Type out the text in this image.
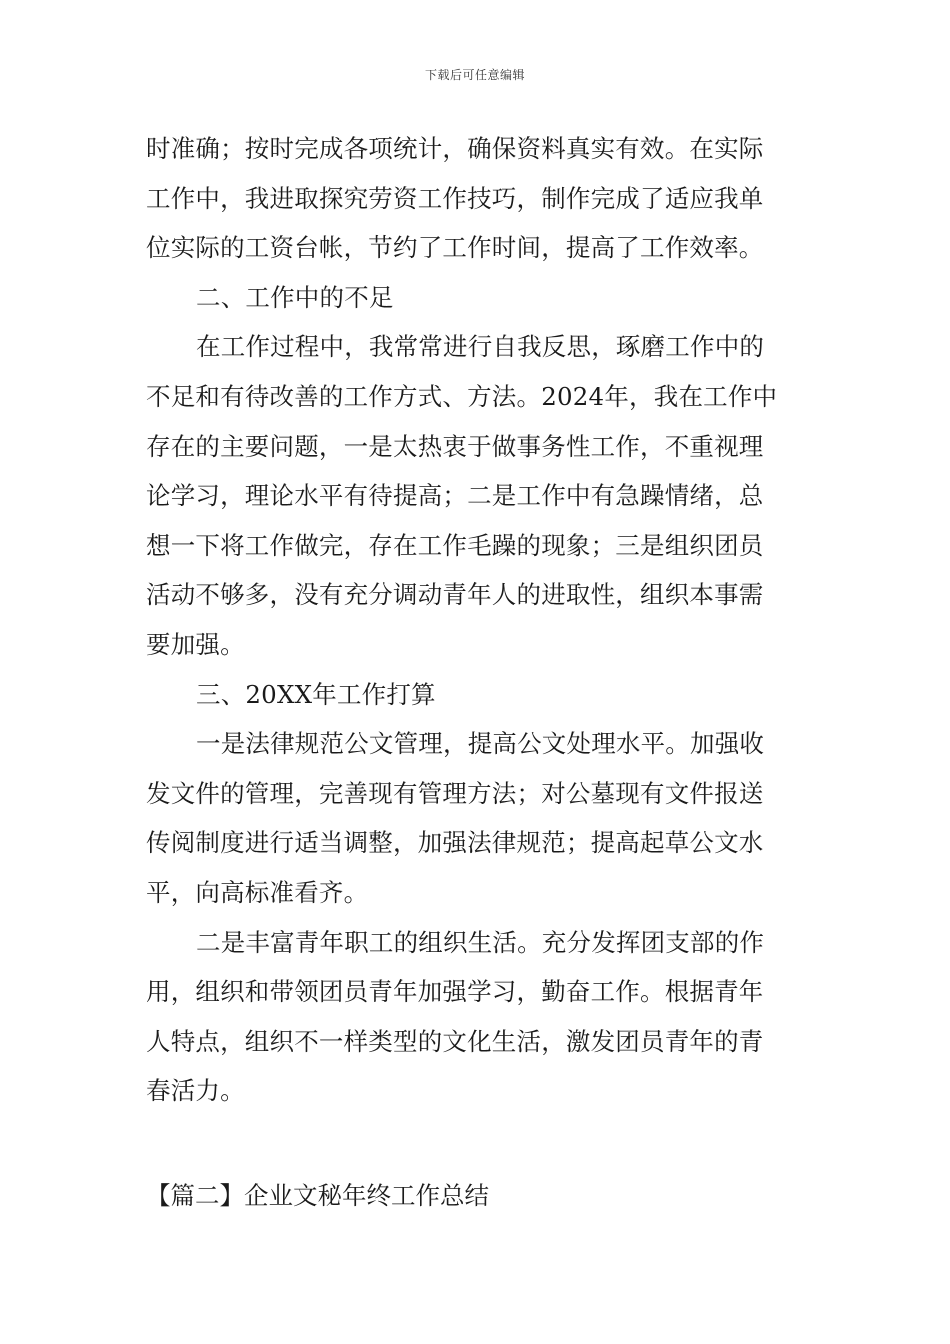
下载后可任意编辑
时准确；按时完成各项统计，确保资料真实有效。在实际
工作中，我进取探究劳资工作技巧，制作完成了适应我单
位实际的工资台帐，节约了工作时间，提高了工作效率。
二、工作中的不足
在工作过程中，我常常进行自我反思，琢磨工作中的
不足和有待改善的工作方式、方法。2024年，我在工作中
存在的主要问题，一是太热衷于做事务性工作，不重视理
论学习，理论水平有待提高；二是工作中有急躁情绪，总
想一下将工作做完，存在工作毛躁的现象；三是组织团员
活动不够多，没有充分调动青年人的进取性，组织本事需
要加强。
三、20XX年工作打算
一是法律规范公文管理，提高公文处理水平。加强收
发文件的管理，完善现有管理方法；对公墓现有文件报送
传阅制度进行适当调整，加强法律规范；提高起草公文水
平，向高标准看齐。
二是丰富青年职工的组织生活。充分发挥团支部的作
用，组织和带领团员青年加强学习，勤奋工作。根据青年
人特点，组织不一样类型的文化生活，激发团员青年的青
春活力。
【篇二】企业文秘年终工作总结
